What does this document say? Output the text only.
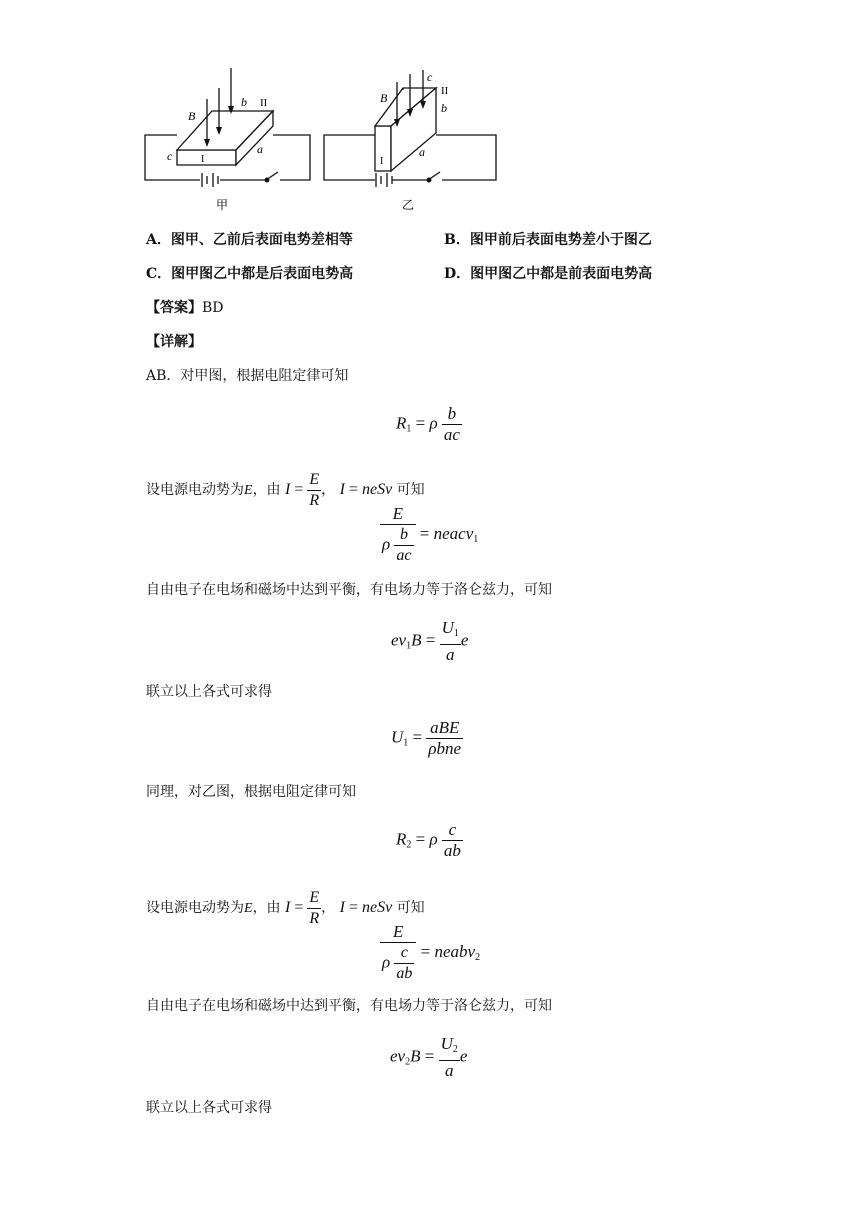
B
b II
a
c	I
甲
B
c
II
b
a
I
乙
A．图甲、乙前后表面电势差相等	B．图甲前后表面电势差小于图乙
C．图甲图乙中都是后表面电势高	D．图甲图乙中都是前表面电势高
【答案】BD
【详解】
AB．对甲图，根据电阻定律可知
$R_1 = \rho \frac{b}{ac}$
设电源电动势为E，由 $I = \frac{E}{R}$ ， I = neSv 可知
$\frac{E}{\rho \frac{b}{ac}}$ = neacv$_1$
自由电子在电场和磁场中达到平衡，有电场力等于洛仑兹力，可知
$ev_1B = \frac{U_1}{a}$ e
联立以上各式可求得
$U_1 = \frac{\text{aBE}}{\text{ρbne}}$
同理，对乙图，根据电阻定律可知
$R_2 = \rho \frac{c}{ab}$
设电源电动势为E，由 $I = \frac{E}{R}$ ， I = neSv 可知
$\frac{E}{\rho \frac{c}{ab}}$ = neabv$_2$
自由电子在电场和磁场中达到平衡，有电场力等于洛仑兹力，可知
$ev_2B = \frac{U_2}{a}$ e
联立以上各式可求得
